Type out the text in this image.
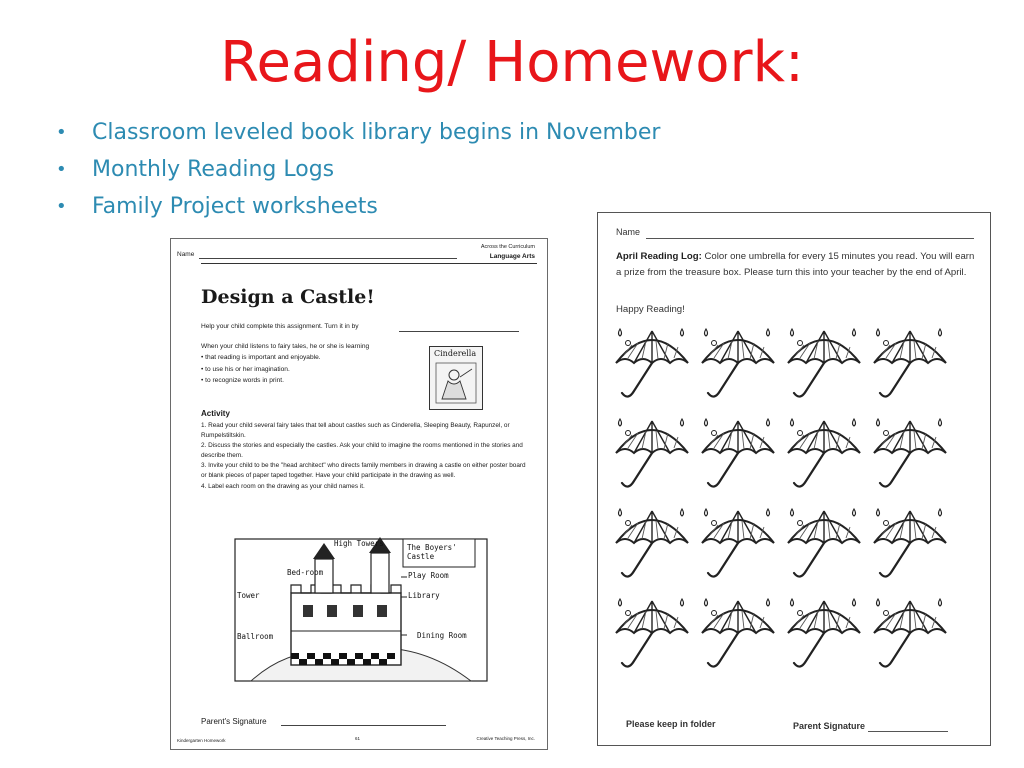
Reading/ Homework:
• Classroom leveled book library begins in November
• Monthly Reading Logs
• Family Project worksheets
Name
Across the Curriculum
Language Arts
Design a Castle!
Help your child complete this assignment. Turn it in by
When your child listens to fairy tales, he or she is learning
• that reading is important and enjoyable.
• to use his or her imagination.
• to recognize words in print.
Cinderella
Activity
1. Read your child several fairy tales that tell about castles such as Cinderella, Sleeping Beauty, Rapunzel, or Rumpelstiltskin.
2. Discuss the stories and especially the castles. Ask your child to imagine the rooms mentioned in the stories and describe them.
3. Invite your child to be the "head architect" who directs family members in drawing a castle on either poster board or blank pieces of paper taped together. Have your child participate in the drawing as well.
4. Label each room on the drawing as your child names it.
High Towers
Bed-room
Tower
Ballroom
The Boyers' Castle
Play Room
Library
Dining Room
Parent's Signature
Kindergarten Homework	61	Creative Teaching Press, Inc.
Name
April Reading Log: Color one umbrella for every 15 minutes you read. You will earn a prize from the treasure box. Please turn this into your teacher by the end of April.
Happy Reading!
Please keep in folder	Parent Signature
